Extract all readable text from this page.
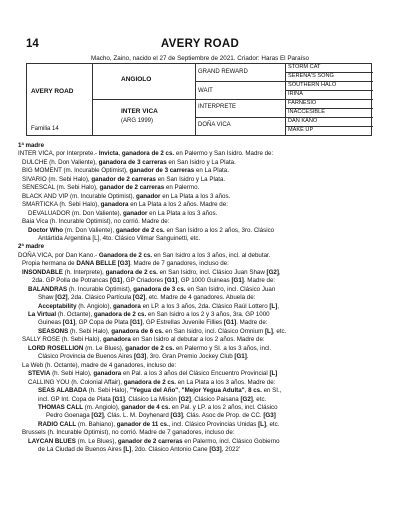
14	AVERY ROAD
Macho, Zaino, nacido el 27 de Septiembre de 2021. Criador: Haras El Paraíso
AVERY ROAD
Familia 14
ANGIOLO
INTER VICA
(ARG 1999)
GRAND REWARD
WAIT
INTERPRETE
DOÑA VICA
STORM CAT
SERENA'S SONG
SOUTHERN HALO
IRINA
FARNESIO
INACCESIBLE
DAN KANO
MAKE UP
1ª madre
INTER VICA, por Interprete.- Invicta, ganadora de 2 cs. en Palermo y San Isidro. Madre de:
DULCHE (h. Don Valiente), ganadora de 3 carreras en San Isidro y La Plata.
BIG MOMENT (m. Incurable Optimist), ganador de 3 carreras en La Plata.
SIVARIO (m. Sebi Halo), ganador de 2 carreras en San Isidro y La Plata.
SENESCAL (m. Sebi Halo), ganador de 2 carreras en Palermo.
BLACK AND VIP (m. Incurable Optimist), ganador en La Plata a los 3 años.
SMARTICKA (h. Sebi Halo), ganadora en La Plata a los 2 años. Madre de:
DEVALUADOR (m. Don Valiente), ganador en La Plata a los 3 años.
Baia Vica (h. Incurable Optimist), no corrió. Madre de:
Doctor Who (m. Don Valiente), ganador de 2 cs. en San Isidro a los 2 años, 3ro. Clásico
Antártida Argentina [L], 4to. Clásico Vilmar Sanguinetti, etc.
2ª madre
DOÑA VICA, por Dan Kano.- Ganadora de 2 cs. en San Isidro a los 3 años, incl. al debutar.
Propia hermana de DANA BELLE [G3]. Madre de 7 ganadores, incluso de:
INSONDABLE (h. Interprete), ganadora de 2 cs. en San Isidro, incl. Clásico Juan Shaw [G2],
2da. GP Polla de Potrancas [G1], GP Criadores [G1], GP 1000 Guineas [G1]. Madre de:
BALANDRAS (h. Incurable Optimist), ganadora de 3 cs. en San Isidro, incl. Clásico Juan
Shaw [G2], 2da. Clásico Partícula [G2], etc. Madre de 4 ganadores. Abuela de:
Acceptability (h. Angiolo), ganadora en LP. a los 3 años, 2da. Clásico Raúl Lottero [L],
La Virtual (h. Octante), ganadora de 2 cs. en San Isidro a los 2 y 3 años, 3ra. GP 1000
Guineas [G1], GP Copa de Plata [G1], GP Estrellas Juvenile Fillies [G1]. Madre de:
SEASONS (h. Sebi Halo), ganadora de 6 cs. en San Isidro, incl. Clásico Omnium [L], etc.
SALLY ROSE (h. Sebi Halo), ganadora en San Isidro al debutar a los 2 años. Madre de:
LORD ROSELLION (m. Le Blues), ganador de 2 cs. en Palermo y SI. a los 3 años, incl.
Clásico Provincia de Buenos Aires [G3], 3ro. Gran Premio Jockey Club [G1].
La Web (h. Octante), madre de 4 ganadores, incluso de:
STEVIA (h. Sebi Halo), ganadora en Pal. a los 3 años del Clásico Encuentro Provincial [L]
CALLING YOU (h. Colonial Affair), ganadora de 2 cs. en La Plata a los 3 años. Madre de:
SEAS ALABADA (h. Sebi Halo), "Yegua del Año", "Mejor Yegua Adulta", 8 cs. en SI.,
incl. GP Int. Copa de Plata [G1], Clásico La Misión [G2], Clásico Paisana [G2], etc.
THOMAS CALL (m. Angiolo), ganador de 4 cs. en Pal. y LP. a los 2 años, incl. Clásico
Pedro Goenaga [G2], Clás. L. M. Doyhenard [G3], Clás. Asoc de Prop. de CC. [G3]
RADIO CALL (m. Bahiano), ganador de 11 cs., incl. Clásico Provincias Unidas [L], etc.
Brussels (h. Incurable Optimist), no corrió. Madre de 7 ganadores, incluso de:
LAYCAN BLUES (m. Le Blues), ganador de 2 carreras en Palermo, incl. Clásico Gobierno
de La Ciudad de Buenos Aires [L], 2do. Clásico Antonio Cane [G3], 2022'
